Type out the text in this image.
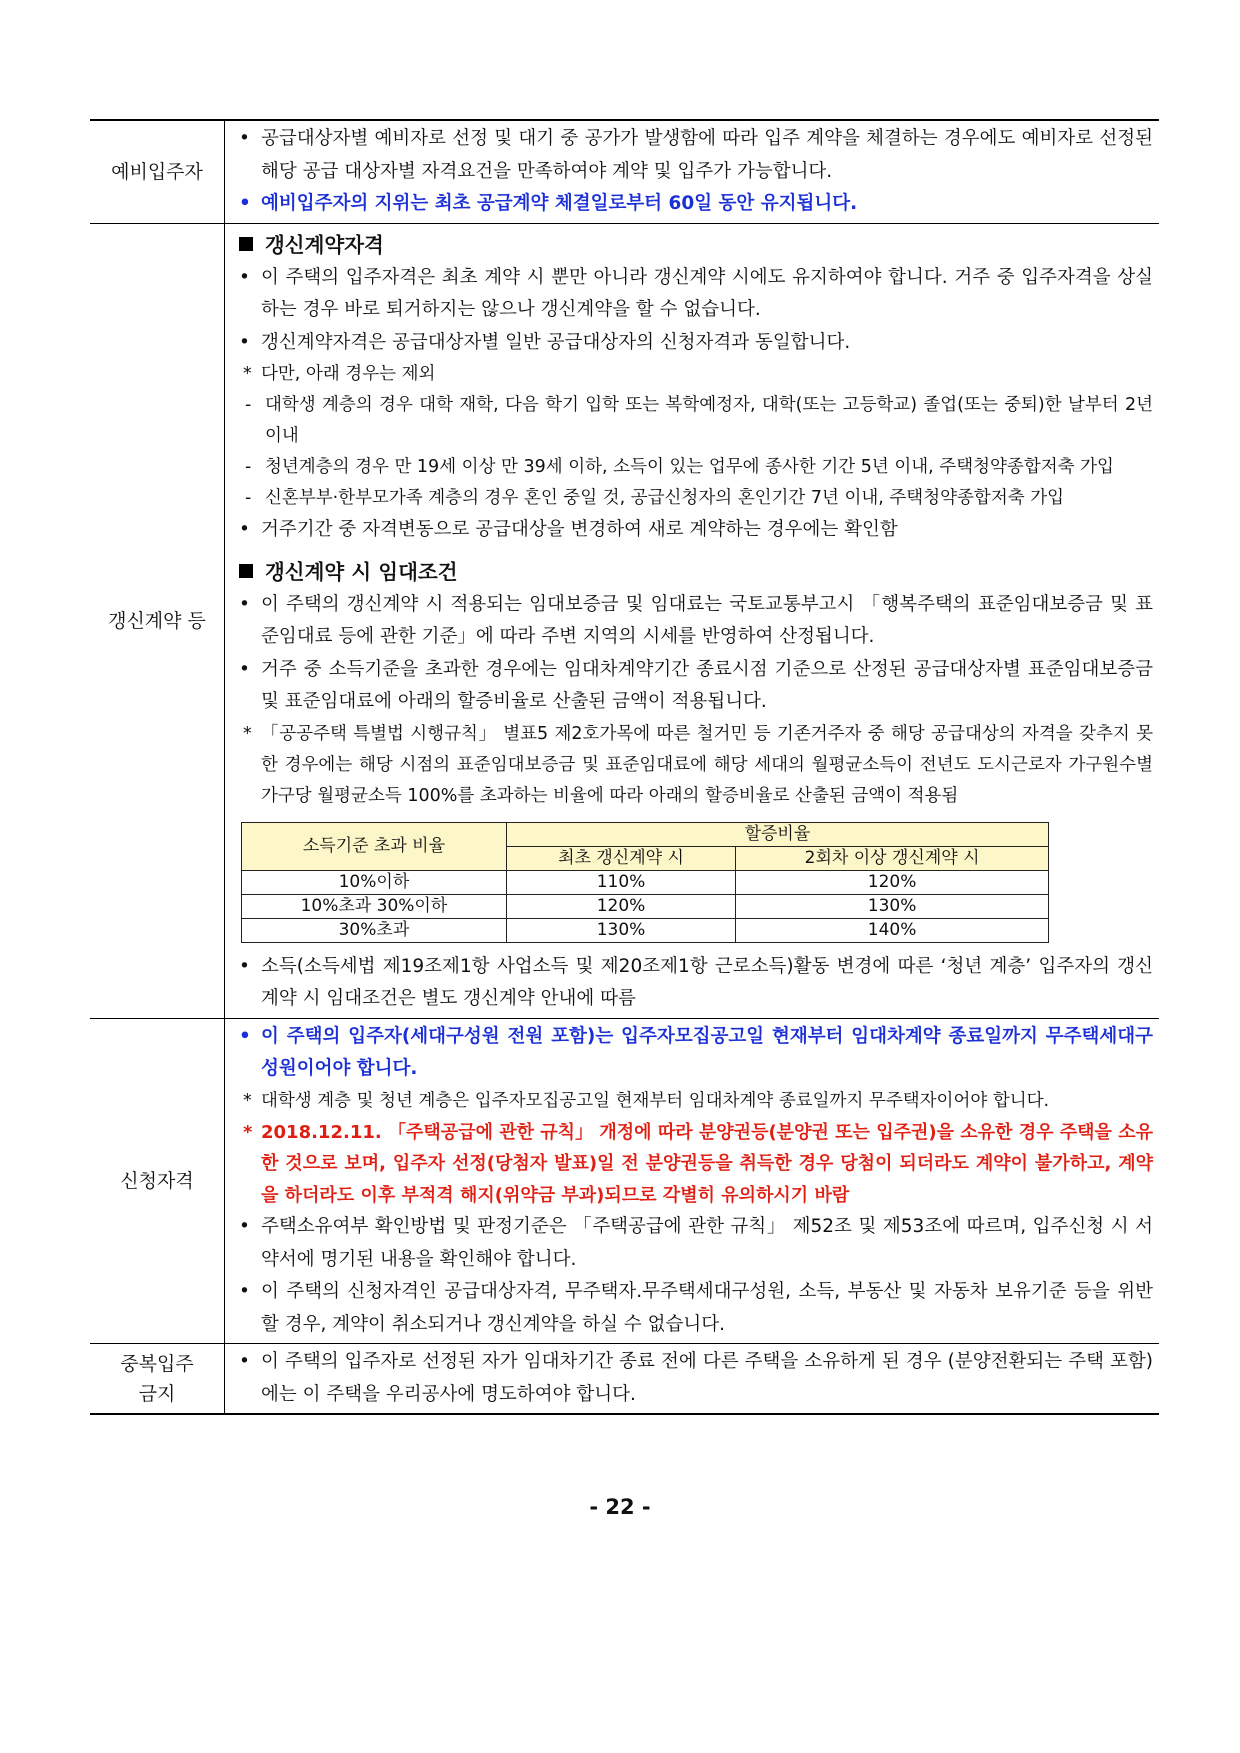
예비입주자	
• 공급대상자별 예비자로 선정 및 대기 중 공가가 발생함에 따라 입주 계약을 체결하는 경우에도 예비자로 선정된 해당 공급 대상자별 자격요건을 만족하여야 계약 및 입주가 가능합니다.
• 예비입주자의 지위는 최초 공급계약 체결일로부터 60일 동안 유지됩니다.

갱신계약 등	
갱신계약자격
• 이 주택의 입주자격은 최초 계약 시 뿐만 아니라 갱신계약 시에도 유지하여야 합니다. 거주 중 입주자격을 상실하는 경우 바로 퇴거하지는 않으나 갱신계약을 할 수 없습니다.
• 갱신계약자격은 공급대상자별 일반 공급대상자의 신청자격과 동일합니다.
* 다만, 아래 경우는 제외
- 대학생 계층의 경우 대학 재학, 다음 학기 입학 또는 복학예정자, 대학(또는 고등학교) 졸업(또는 중퇴)한 날부터 2년 이내
- 청년계층의 경우 만 19세 이상 만 39세 이하, 소득이 있는 업무에 종사한 기간 5년 이내, 주택청약종합저축 가입
- 신혼부부·한부모가족 계층의 경우 혼인 중일 것, 공급신청자의 혼인기간 7년 이내, 주택청약종합저축 가입
• 거주기간 중 자격변동으로 공급대상을 변경하여 새로 계약하는 경우에는 확인함
갱신계약 시 임대조건
• 이 주택의 갱신계약 시 적용되는 임대보증금 및 임대료는 국토교통부고시 「행복주택의 표준임대보증금 및 표준임대료 등에 관한 기준」에 따라 주변 지역의 시세를 반영하여 산정됩니다.
• 거주 중 소득기준을 초과한 경우에는 임대차계약기간 종료시점 기준으로 산정된 공급대상자별 표준임대보증금 및 표준임대료에 아래의 할증비율로 산출된 금액이 적용됩니다.
* 「공공주택 특별법 시행규칙」 별표5 제2호가목에 따른 철거민 등 기존거주자 중 해당 공급대상의 자격을 갖추지 못한 경우에는 해당 시점의 표준임대보증금 및 표준임대료에 해당 세대의 월평균소득이 전년도 도시근로자 가구원수별 가구당 월평균소득 100%를 초과하는 비율에 따라 아래의 할증비율로 산출된 금액이 적용됨
소득기준 초과 비율	할증비율
최초 갱신계약 시	2회차 이상 갱신계약 시
10%이하	110%	120%
10%초과 30%이하	120%	130%
30%초과	130%	140%
• 소득(소득세법 제19조제1항 사업소득 및 제20조제1항 근로소득)활동 변경에 따른 ‘청년 계층’ 입주자의 갱신계약 시 임대조건은 별도 갱신계약 안내에 따름

신청자격	
• 이 주택의 입주자(세대구성원 전원 포함)는 입주자모집공고일 현재부터 임대차계약 종료일까지 무주택세대구성원이어야 합니다.
* 대학생 계층 및 청년 계층은 입주자모집공고일 현재부터 임대차계약 종료일까지 무주택자이어야 합니다.
* 2018.12.11. 「주택공급에 관한 규칙」 개정에 따라 분양권등(분양권 또는 입주권)을 소유한 경우 주택을 소유한 것으로 보며, 입주자 선정(당첨자 발표)일 전 분양권등을 취득한 경우 당첨이 되더라도 계약이 불가하고, 계약을 하더라도 이후 부적격 해지(위약금 부과)되므로 각별히 유의하시기 바람
• 주택소유여부 확인방법 및 판정기준은 「주택공급에 관한 규칙」 제52조 및 제53조에 따르며, 입주신청 시 서약서에 명기된 내용을 확인해야 합니다.
• 이 주택의 신청자격인 공급대상자격, 무주택자.무주택세대구성원, 소득, 부동산 및 자동차 보유기준 등을 위반할 경우, 계약이 취소되거나 갱신계약을 하실 수 없습니다.

중복입주
금지

• 이 주택의 입주자로 선정된 자가 임대차기간 종료 전에 다른 주택을 소유하게 된 경우 (분양전환되는 주택 포함)에는 이 주택을 우리공사에 명도하여야 합니다.
- 22 -
